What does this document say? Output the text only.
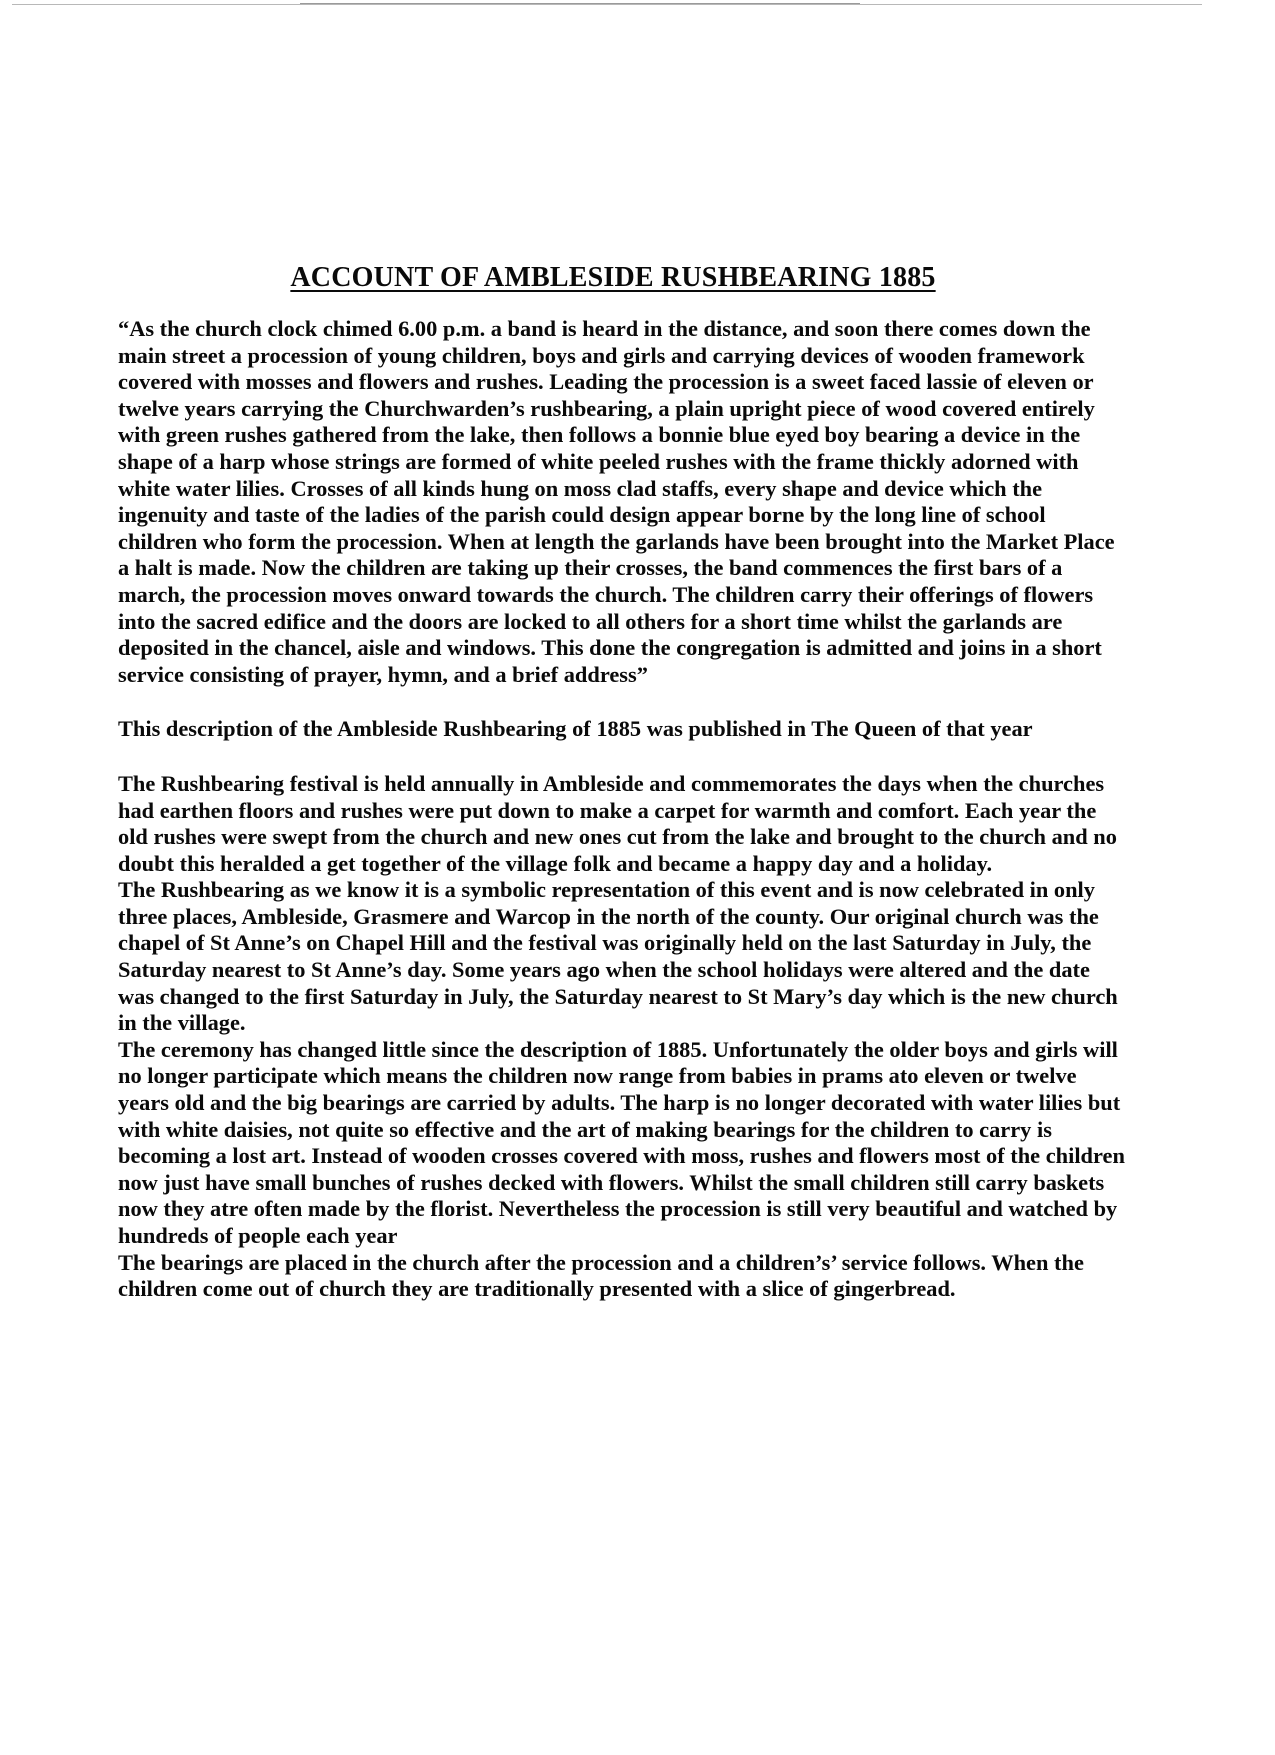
ACCOUNT OF AMBLESIDE RUSHBEARING 1885

“As the church clock chimed 6.00 p.m. a band is heard in the distance, and soon there comes down the main street a procession of young children, boys and girls and carrying devices of wooden framework covered with mosses and flowers and rushes. Leading the procession is a sweet faced lassie of eleven or twelve years carrying the Churchwarden’s rushbearing, a plain upright piece of wood covered entirely with green rushes gathered from the lake, then follows a bonnie blue eyed boy bearing a device in the shape of a harp whose strings are formed of white peeled rushes with the frame thickly adorned with white water lilies. Crosses of all kinds hung on moss clad staffs, every shape and device which the ingenuity and taste of the ladies of the parish could design appear borne by the long line of school children who form the procession. When at length the garlands have been brought into the Market Place a halt is made. Now the children are taking up their crosses, the band commences the first bars of a march, the procession moves onward towards the church. The children carry their offerings of flowers into the sacred edifice and the doors are locked to all others for a short time whilst the garlands are deposited in the chancel, aisle and windows. This done the congregation is admitted and joins in a short service consisting of prayer, hymn, and a brief address”

This description of the Ambleside Rushbearing of 1885 was published in The Queen of that year

The Rushbearing festival is held annually in Ambleside and commemorates the days when the churches had earthen floors and rushes were put down to make a carpet for warmth and comfort. Each year the old rushes were swept from the church and new ones cut from the lake and brought to the church and no doubt this heralded a get together of the village folk and became a happy day and a holiday.

The Rushbearing as we know it is a symbolic representation of this event and is now celebrated in only three places, Ambleside, Grasmere and Warcop in the north of the county. Our original church was the chapel of St Anne’s on Chapel Hill and the festival was originally held on the last Saturday in July, the Saturday nearest to St Anne’s day. Some years ago when the school holidays were altered and the date was changed to the first Saturday in July, the Saturday nearest to St Mary’s day which is the new church in the village.

The ceremony has changed little since the description of 1885. Unfortunately the older boys and girls will no longer participate which means the children now range from babies in prams ato eleven or twelve years old and the big bearings are carried by adults. The harp is no longer decorated with water lilies but with white daisies, not quite so effective and the art of making bearings for the children to carry is becoming a lost art. Instead of wooden crosses covered with moss, rushes and flowers most of the children now just have small bunches of rushes decked with flowers. Whilst the small children still carry baskets now they atre often made by the florist. Nevertheless the procession is still very beautiful and watched by hundreds of people each year

The bearings are placed in the church after the procession and a children’s’ service follows. When the children come out of church they are traditionally presented with a slice of gingerbread.
